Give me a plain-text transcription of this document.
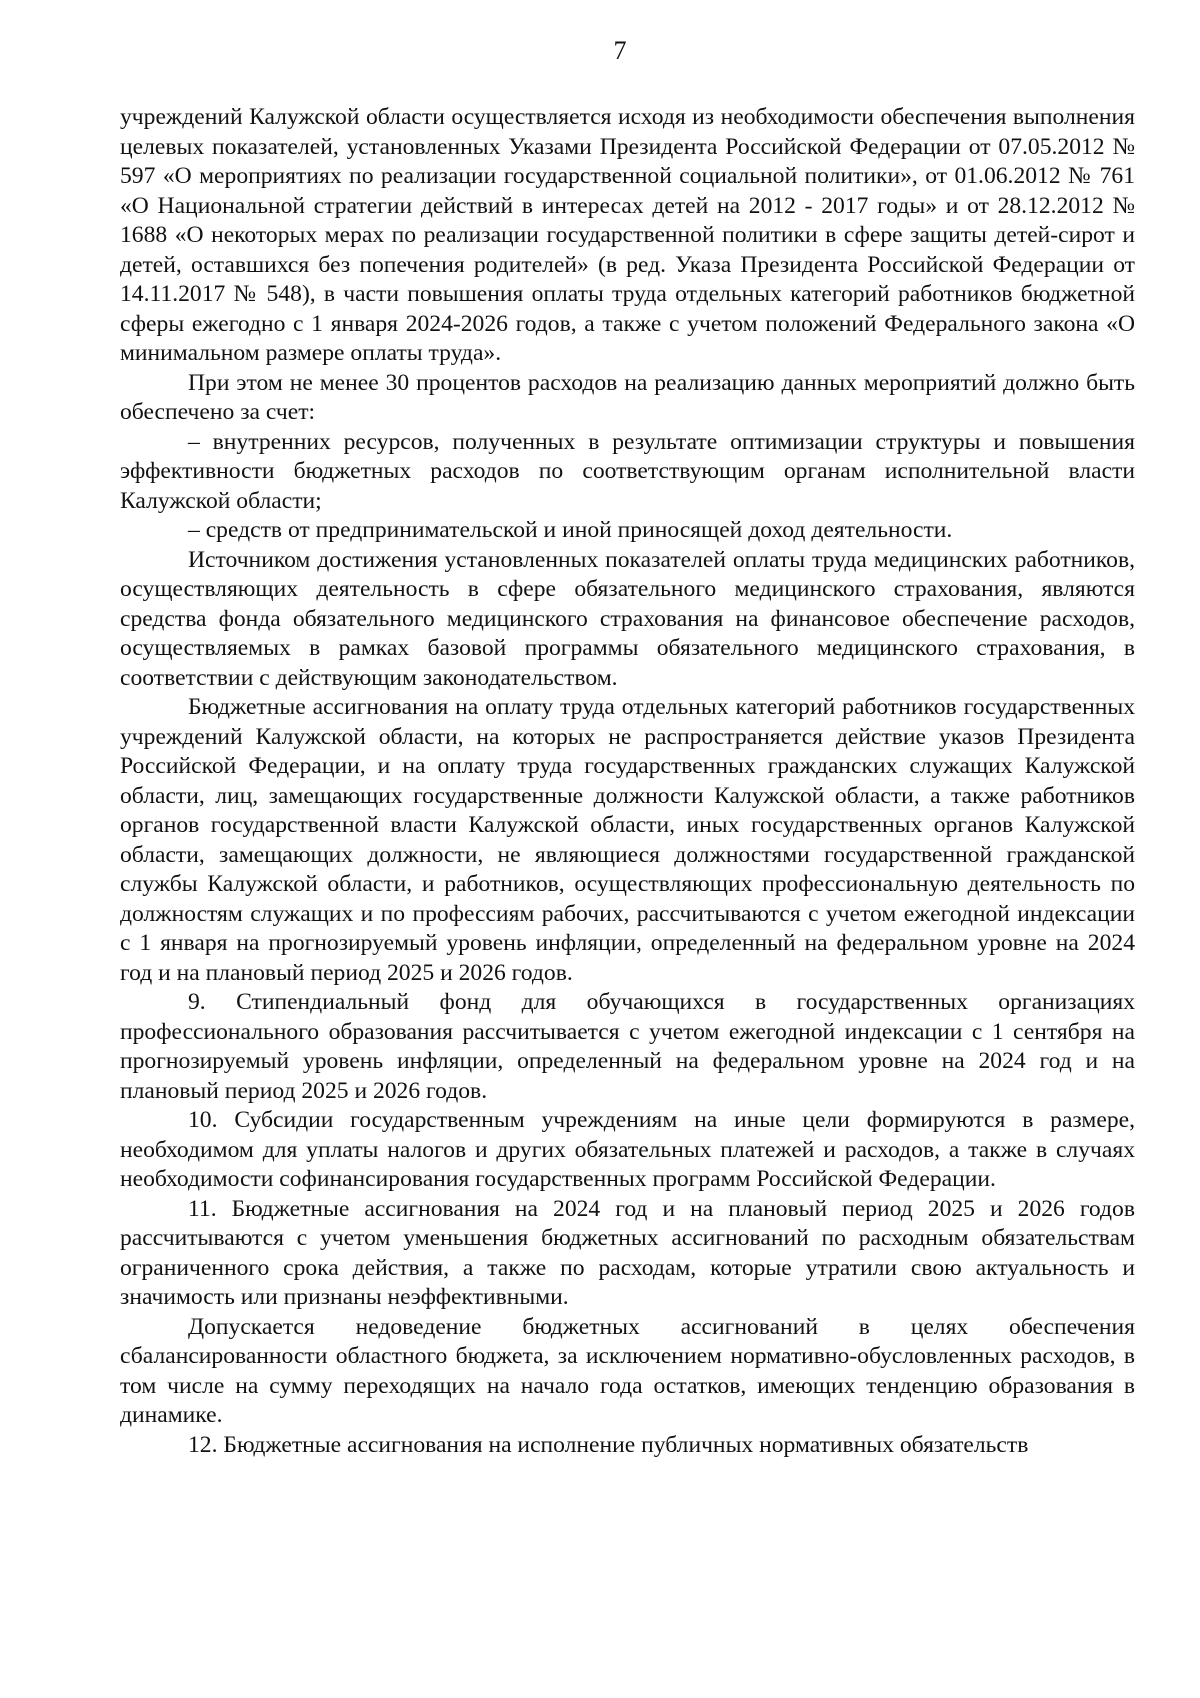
7

учреждений Калужской области осуществляется исходя из необходимости обеспечения выполнения целевых показателей, установленных Указами Президента Российской Федерации от 07.05.2012 № 597 «О мероприятиях по реализации государственной социальной политики», от 01.06.2012 № 761 «О Национальной стратегии действий в интересах детей на 2012 - 2017 годы» и от 28.12.2012 № 1688 «О некоторых мерах по реализации государственной политики в сфере защиты детей-сирот и детей, оставшихся без попечения родителей» (в ред. Указа Президента Российской Федерации от 14.11.2017 № 548), в части повышения оплаты труда отдельных категорий работников бюджетной сферы ежегодно с 1 января 2024-2026 годов, а также с учетом положений Федерального закона «О минимальном размере оплаты труда».

При этом не менее 30 процентов расходов на реализацию данных мероприятий должно быть обеспечено за счет:

– внутренних ресурсов, полученных в результате оптимизации структуры и повышения эффективности бюджетных расходов по соответствующим органам исполнительной власти Калужской области;

– средств от предпринимательской и иной приносящей доход деятельности.

Источником достижения установленных показателей оплаты труда медицинских работников, осуществляющих деятельность в сфере обязательного медицинского страхования, являются средства фонда обязательного медицинского страхования на финансовое обеспечение расходов, осуществляемых в рамках базовой программы обязательного медицинского страхования, в соответствии с действующим законодательством.

Бюджетные ассигнования на оплату труда отдельных категорий работников государственных учреждений Калужской области, на которых не распространяется действие указов Президента Российской Федерации, и на оплату труда государственных гражданских служащих Калужской области, лиц, замещающих государственные должности Калужской области, а также работников органов государственной власти Калужской области, иных государственных органов Калужской области, замещающих должности, не являющиеся должностями государственной гражданской службы Калужской области, и работников, осуществляющих профессиональную деятельность по должностям служащих и по профессиям рабочих, рассчитываются с учетом ежегодной индексации с 1 января на прогнозируемый уровень инфляции, определенный на федеральном уровне на 2024 год и на плановый период 2025 и 2026 годов.

9. Стипендиальный фонд для обучающихся в государственных организациях профессионального образования рассчитывается с учетом ежегодной индексации с 1 сентября на прогнозируемый уровень инфляции, определенный на федеральном уровне на 2024 год и на плановый период 2025 и 2026 годов.

10. Субсидии государственным учреждениям на иные цели формируются в размере, необходимом для уплаты налогов и других обязательных платежей и расходов, а также в случаях необходимости софинансирования государственных программ Российской Федерации.

11. Бюджетные ассигнования на 2024 год и на плановый период 2025 и 2026 годов рассчитываются с учетом уменьшения бюджетных ассигнований по расходным обязательствам ограниченного срока действия, а также по расходам, которые утратили свою актуальность и значимость или признаны неэффективными.

Допускается недоведение бюджетных ассигнований в целях обеспечения сбалансированности областного бюджета, за исключением нормативно-обусловленных расходов, в том числе на сумму переходящих на начало года остатков, имеющих тенденцию образования в динамике.

12. Бюджетные ассигнования на исполнение публичных нормативных обязательств
